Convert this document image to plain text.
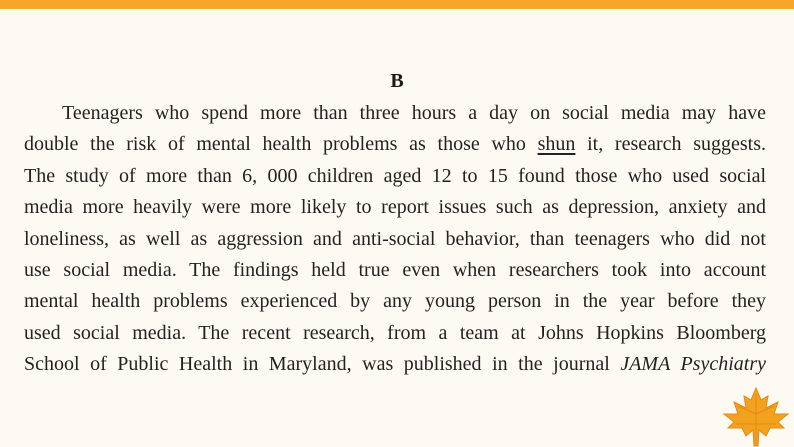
B
Teenagers who spend more than three hours a day on social media may have
double the risk of mental health problems as those who shun it, research suggests.
The study of more than 6, 000 children aged 12 to 15 found those who used social
media more heavily were more likely to report issues such as depression, anxiety and
loneliness, as well as aggression and anti-social behavior, than teenagers who did not
use social media. The findings held true even when researchers took into account
mental health problems experienced by any young person in the year before they
used social media. The recent research, from a team at Johns Hopkins Bloomberg
School of Public Health in Maryland, was published in the journal JAMA Psychiatry
